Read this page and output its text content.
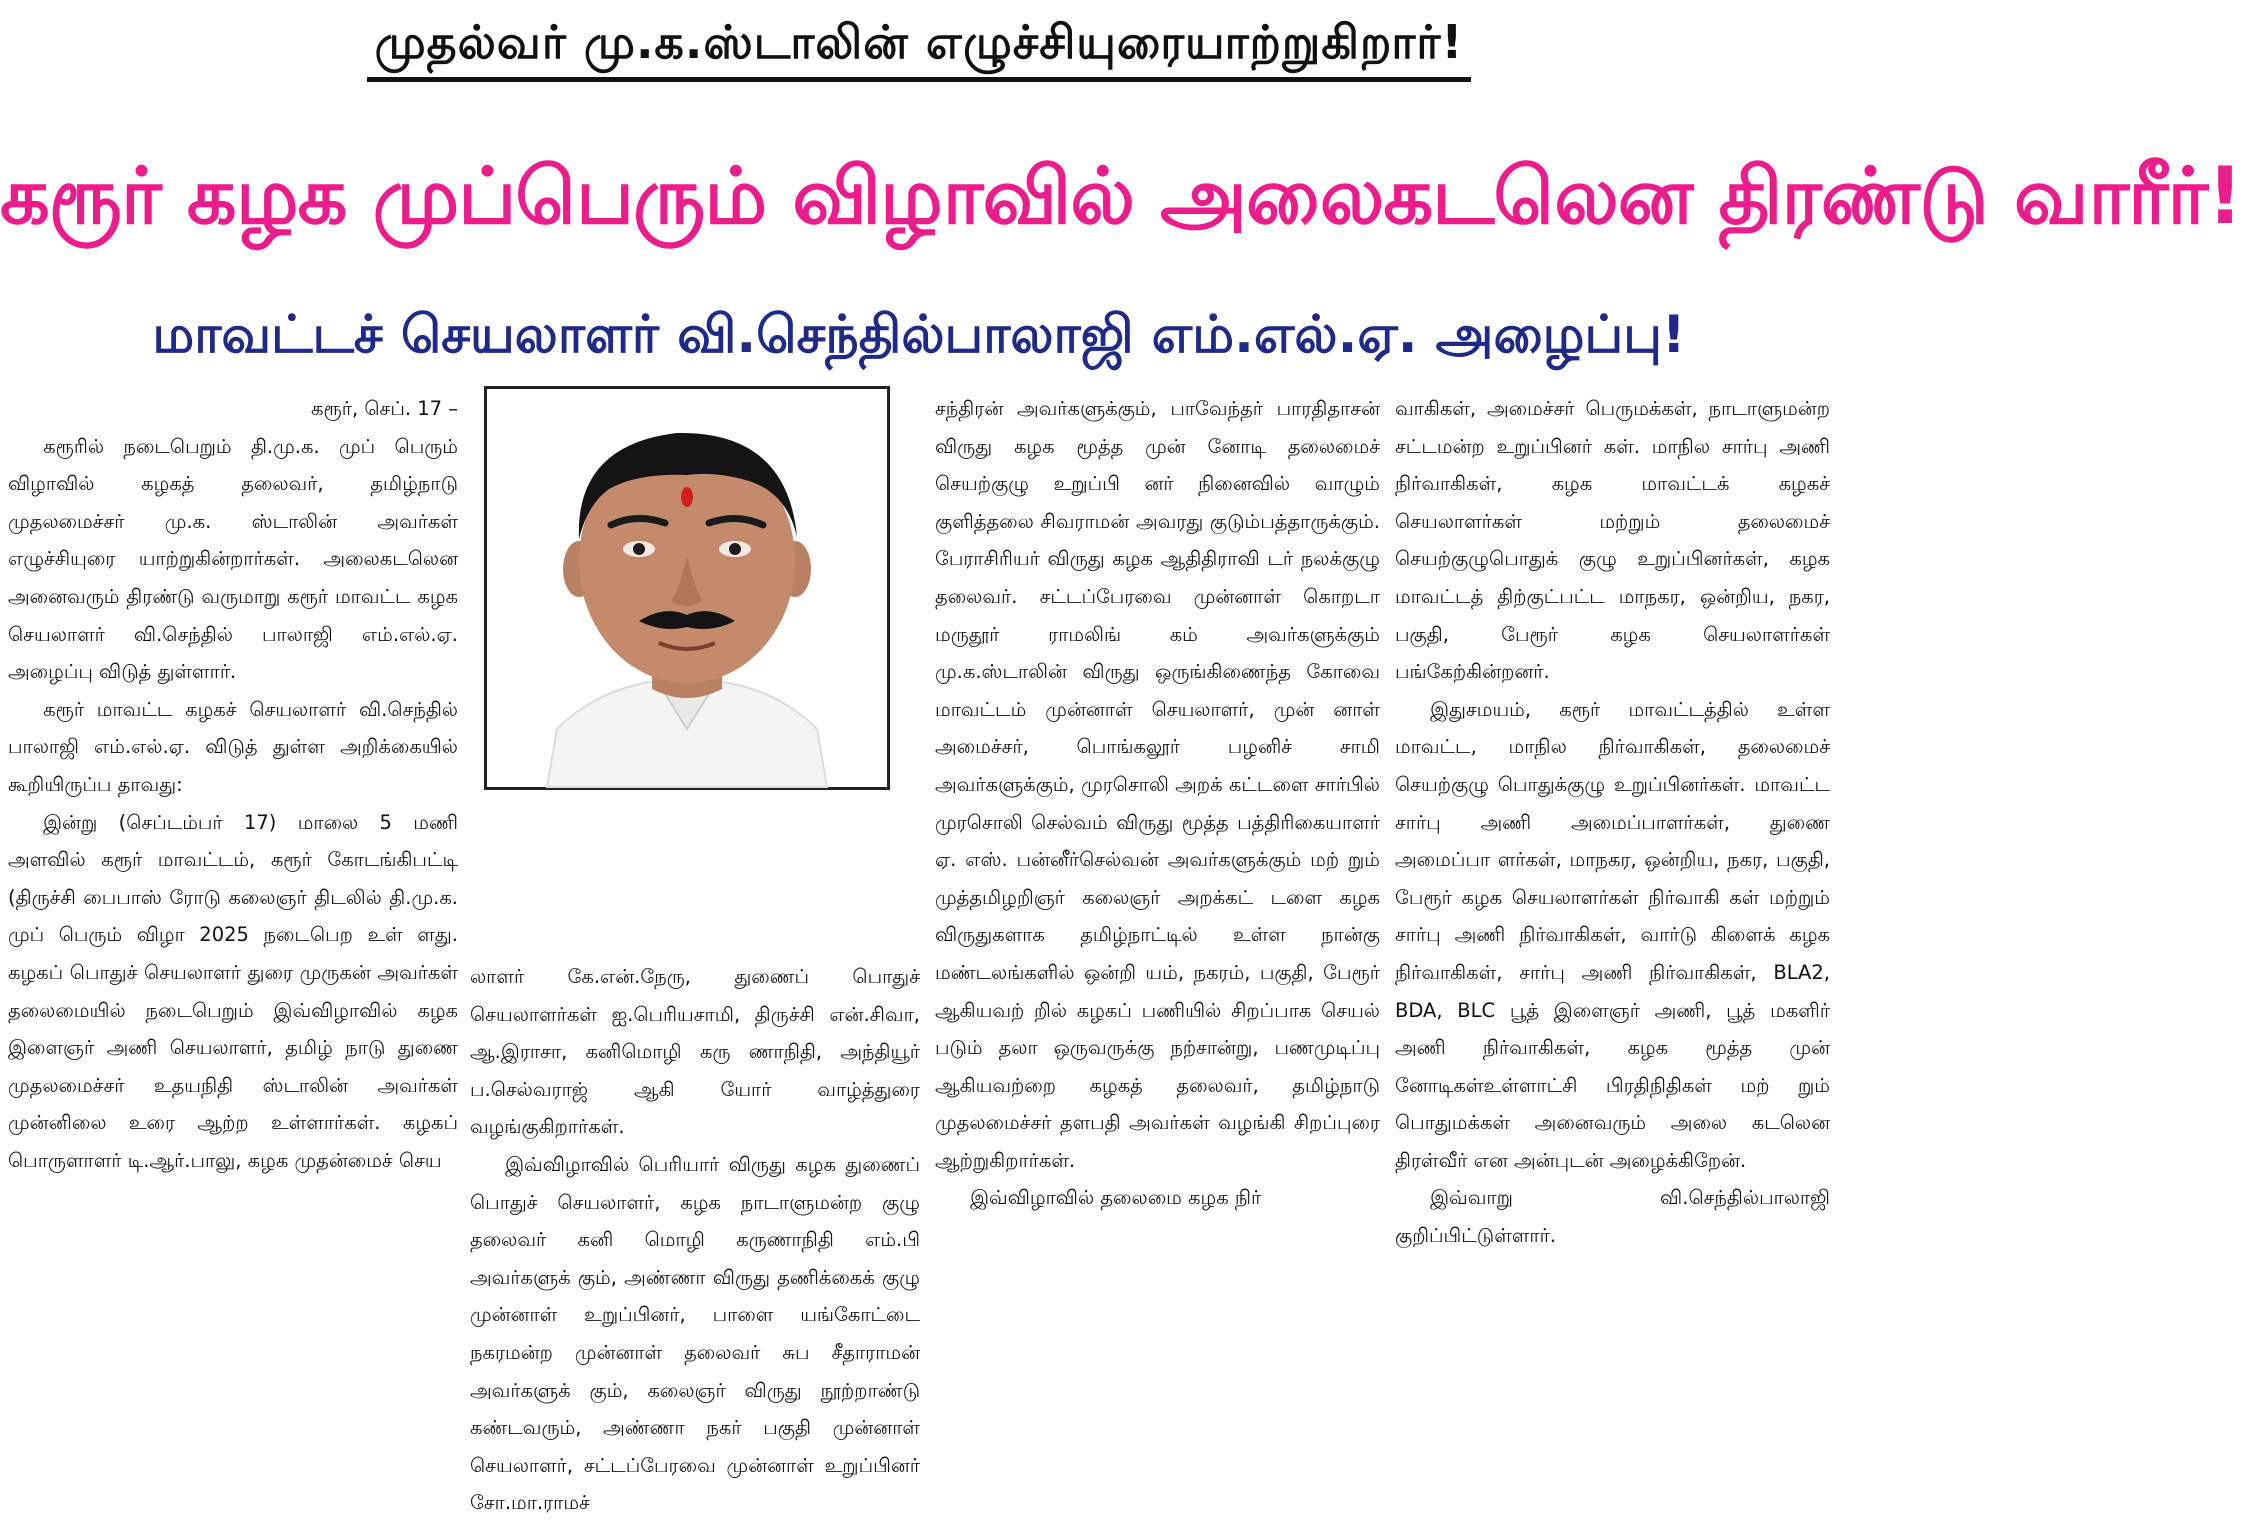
முதல்வர் மு.க.ஸ்டாலின் எழுச்சியுரையாற்றுகிறார்!
கரூர் கழக முப்பெரும் விழாவில் அலைகடலென திரண்டு வாரீர்!
மாவட்டச் செயலாளர் வி.செந்தில்பாலாஜி எம்.எல்.ஏ. அழைப்பு!

கரூர், செப். 17 –

கரூரில் நடைபெறும் தி.மு.க. முப் பெரும் விழாவில் கழகத் தலைவர், தமிழ்நாடு முதலமைச்சர் மு.க. ஸ்டாலின் அவர்கள் எழுச்சியுரை யாற்றுகின்றார்கள். அலைகடலென அனைவரும் திரண்டு வருமாறு கரூர் மாவட்ட கழக செயலாளர் வி.செந்தில் பாலாஜி எம்.எல்.ஏ. அழைப்பு விடுத் துள்ளார்.

கரூர் மாவட்ட கழகச் செயலாளர் வி.செந்தில் பாலாஜி எம்.எல்.ஏ. விடுத் துள்ள அறிக்கையில் கூறியிருப்ப தாவது:

இன்று (செப்டம்பர் 17) மாலை 5 மணி அளவில் கரூர் மாவட்டம், கரூர் கோடங்கிபட்டி (திருச்சி பைபாஸ் ரோடு கலைஞர் திடலில் தி.மு.க. முப் பெரும் விழா 2025 நடைபெற உள் ளது. கழகப் பொதுச் செயலாளர் துரை முருகன் அவர்கள் தலைமையில் நடைபெறும் இவ்விழாவில் கழக இளைஞர் அணி செயலாளர், தமிழ் நாடு துணை முதலமைச்சர் உதயநிதி ஸ்டாலின் அவர்கள் முன்னிலை உரை ஆற்ற உள்ளார்கள். கழகப் பொருளாளர் டி.ஆர்.பாலு, கழக முதன்மைச் செய

லாளர் கே.என்.நேரு, துணைப் பொதுச் செயலாளர்கள் ஐ.பெரியசாமி, திருச்சி என்.சிவா, ஆ.இராசா, கனிமொழி கரு ணாநிதி, அந்தியூர் ப.செல்வராஜ் ஆகி யோர் வாழ்த்துரை வழங்குகிறார்கள்.

இவ்விழாவில் பெரியார் விருது கழக துணைப் பொதுச் செயலாளர், கழக நாடாளுமன்ற குழு தலைவர் கனி மொழி கருணாநிதி எம்.பி அவர்களுக் கும், அண்ணா விருது தணிக்கைக் குழு முன்னாள் உறுப்பினர், பாளை யங்கோட்டை நகரமன்ற முன்னாள் தலைவர் சுப சீதாராமன் அவர்களுக் கும், கலைஞர் விருது நூற்றாண்டு கண்டவரும், அண்ணா நகர் பகுதி முன்னாள் செயலாளர், சட்டப்பேரவை முன்னாள் உறுப்பினர் சோ.மா.ராமச்

சந்திரன் அவர்களுக்கும், பாவேந்தர் பாரதிதாசன் விருது கழக மூத்த முன் னோடி தலைமைச் செயற்குழு உறுப்பி னர் நினைவில் வாழும் குளித்தலை சிவராமன் அவரது குடும்பத்தாருக்கும். பேராசிரியர் விருது கழக ஆதிதிராவி டர் நலக்குழு தலைவர். சட்டப்பேரவை முன்னாள் கொறடா மருதூர் ராமலிங் கம் அவர்களுக்கும் மு.க.ஸ்டாலின் விருது ஒருங்கிணைந்த கோவை மாவட்டம் முன்னாள் செயலாளர், முன் னாள் அமைச்சர், பொங்கலூர் பழனிச் சாமி அவர்களுக்கும், முரசொலி அறக் கட்டளை சார்பில் முரசொலி செல்வம் விருது மூத்த பத்திரிகையாளர் ஏ. எஸ். பன்னீர்செல்வன் அவர்களுக்கும் மற் றும் முத்தமிழறிஞர் கலைஞர் அறக்கட் டளை கழக விருதுகளாக தமிழ்நாட்டில் உள்ள நான்கு மண்டலங்களில் ஒன்றி யம், நகரம், பகுதி, பேரூர் ஆகியவற் றில் கழகப் பணியில் சிறப்பாக செயல் படும் தலா ஒருவருக்கு நற்சான்று, பணமுடிப்பு ஆகியவற்றை கழகத் தலைவர், தமிழ்நாடு முதலமைச்சர் தளபதி அவர்கள் வழங்கி சிறப்புரை ஆற்றுகிறார்கள்.

இவ்விழாவில் தலைமை கழக நிர்

வாகிகள், அமைச்சர் பெருமக்கள், நாடாளுமன்ற சட்டமன்ற உறுப்பினர் கள். மாநில சார்பு அணி நிர்வாகிகள், கழக மாவட்டக் கழகச் செயலாளர்கள் மற்றும் தலைமைச் செயற்குழுபொதுக் குழு உறுப்பினர்கள், கழக மாவட்டத் திற்குட்பட்ட மாநகர, ஒன்றிய, நகர, பகுதி, பேரூர் கழக செயலாளர்கள் பங்கேற்கின்றனர்.

இதுசமயம், கரூர் மாவட்டத்தில் உள்ள மாவட்ட, மாநில நிர்வாகிகள், தலைமைச் செயற்குழு பொதுக்குழு உறுப்பினர்கள். மாவட்ட சார்பு அணி அமைப்பாளர்கள், துணை அமைப்பா ளர்கள், மாநகர, ஒன்றிய, நகர, பகுதி, பேரூர் கழக செயலாளர்கள் நிர்வாகி கள் மற்றும் சார்பு அணி நிர்வாகிகள், வார்டு கிளைக் கழக நிர்வாகிகள், சார்பு அணி நிர்வாகிகள், BLA2, BDA, BLC பூத் இளைஞர் அணி, பூத் மகளிர் அணி நிர்வாகிகள், கழக மூத்த முன் னோடிகள்உள்ளாட்சி பிரதிநிதிகள் மற் றும் பொதுமக்கள் அனைவரும் அலை கடலென திரள்வீர் என அன்புடன் அழைக்கிறேன்.

இவ்வாறு வி.செந்தில்பாலாஜி குறிப்பிட்டுள்ளார்.
